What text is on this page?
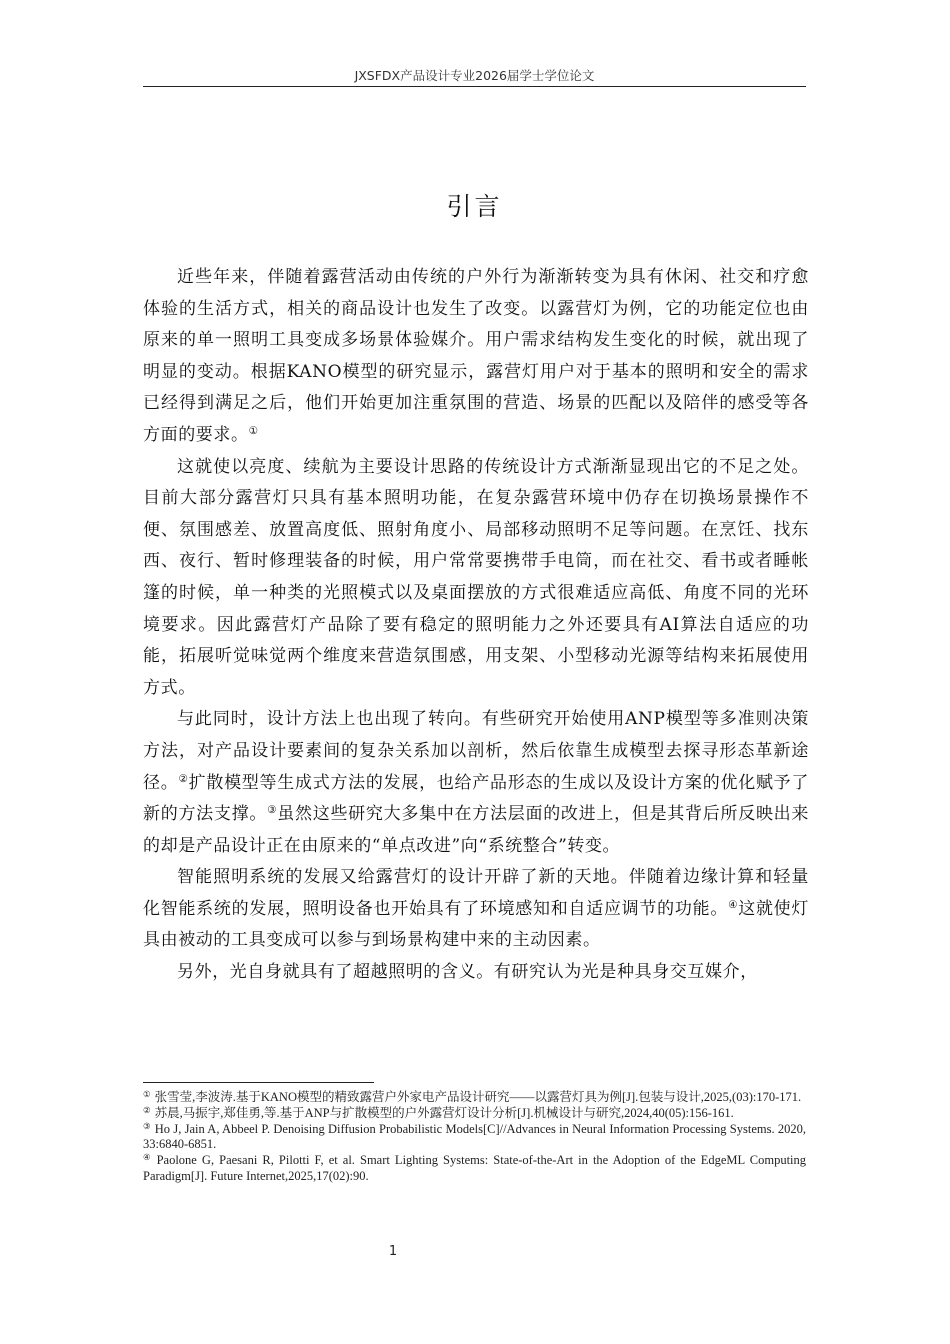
JXSFDX产品设计专业2026届学士学位论文
引言

近些年来，伴随着露营活动由传统的户外行为渐渐转变为具有休闲、社交和疗愈体验的生活方式，相关的商品设计也发生了改变。以露营灯为例，它的功能定位也由原来的单一照明工具变成多场景体验媒介。用户需求结构发生变化的时候，就出现了明显的变动。根据KANO模型的研究显示，露营灯用户对于基本的照明和安全的需求已经得到满足之后，他们开始更加注重氛围的营造、场景的匹配以及陪伴的感受等各方面的要求。①

这就使以亮度、续航为主要设计思路的传统设计方式渐渐显现出它的不足之处。目前大部分露营灯只具有基本照明功能，在复杂露营环境中仍存在切换场景操作不便、氛围感差、放置高度低、照射角度小、局部移动照明不足等问题。在烹饪、找东西、夜行、暂时修理装备的时候，用户常常要携带手电筒，而在社交、看书或者睡帐篷的时候，单一种类的光照模式以及桌面摆放的方式很难适应高低、角度不同的光环境要求。因此露营灯产品除了要有稳定的照明能力之外还要具有AI算法自适应的功能，拓展听觉味觉两个维度来营造氛围感，用支架、小型移动光源等结构来拓展使用方式。

与此同时，设计方法上也出现了转向。有些研究开始使用ANP模型等多准则决策方法，对产品设计要素间的复杂关系加以剖析，然后依靠生成模型去探寻形态革新途径。②扩散模型等生成式方法的发展，也给产品形态的生成以及设计方案的优化赋予了新的方法支撑。③虽然这些研究大多集中在方法层面的改进上，但是其背后所反映出来的却是产品设计正在由原来的“单点改进”向“系统整合”转变。

智能照明系统的发展又给露营灯的设计开辟了新的天地。伴随着边缘计算和轻量化智能系统的发展，照明设备也开始具有了环境感知和自适应调节的功能。④这就使灯具由被动的工具变成可以参与到场景构建中来的主动因素。

另外，光自身就具有了超越照明的含义。有研究认为光是种具身交互媒介，

① 张雪莹,李波涛.基于KANO模型的精致露营户外家电产品设计研究——以露营灯具为例[J].包装与设计,2025,(03):170-171.

② 苏晨,马振宇,郑佳勇,等.基于ANP与扩散模型的户外露营灯设计分析[J].机械设计与研究,2024,40(05):156-161.

③ Ho J, Jain A, Abbeel P. Denoising Diffusion Probabilistic Models[C]//Advances in Neural Information Processing Systems. 2020, 33:6840-6851.

④ Paolone G, Paesani R, Pilotti F, et al. Smart Lighting Systems: State-of-the-Art in the Adoption of the EdgeML Computing Paradigm[J]. Future Internet,2025,17(02):90.

1
